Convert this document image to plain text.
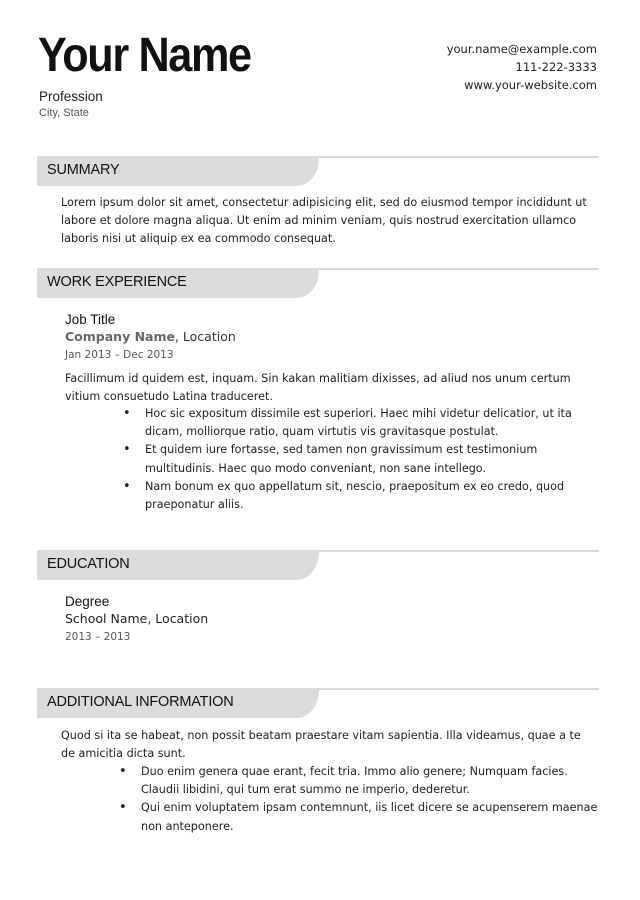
Your Name
Profession
City, State
your.name@example.com
111-222-3333
www.your-website.com
SUMMARY

Lorem ipsum dolor sit amet, consectetur adipisicing elit, sed do eiusmod tempor incididunt ut labore et dolore magna aliqua. Ut enim ad minim veniam, quis nostrud exercitation ullamco laboris nisi ut aliquip ex ea commodo consequat.

WORK EXPERIENCE
Job Title
Company Name, Location
Jan 2013 – Dec 2013

Facillimum id quidem est, inquam. Sin kakan malitiam dixisses, ad aliud nos unum certum vitium consuetudo Latina traduceret.

• Hoc sic expositum dissimile est superiori. Haec mihi videtur delicatior, ut ita dicam, molliorque ratio, quam virtutis vis gravitasque postulat.
• Et quidem iure fortasse, sed tamen non gravissimum est testimonium multitudinis. Haec quo modo conveniant, non sane intellego.
• Nam bonum ex quo appellatum sit, nescio, praepositum ex eo credo, quod praeponatur aliis.
EDUCATION
Degree
School Name, Location
2013 – 2013
ADDITIONAL INFORMATION

Quod si ita se habeat, non possit beatam praestare vitam sapientia. Illa videamus, quae a te de amicitia dicta sunt.

• Duo enim genera quae erant, fecit tria. Immo alio genere; Numquam facies. Claudii libidini, qui tum erat summo ne imperio, dederetur.
• Qui enim voluptatem ipsam contemnunt, iis licet dicere se acupenserem maenae non anteponere.
